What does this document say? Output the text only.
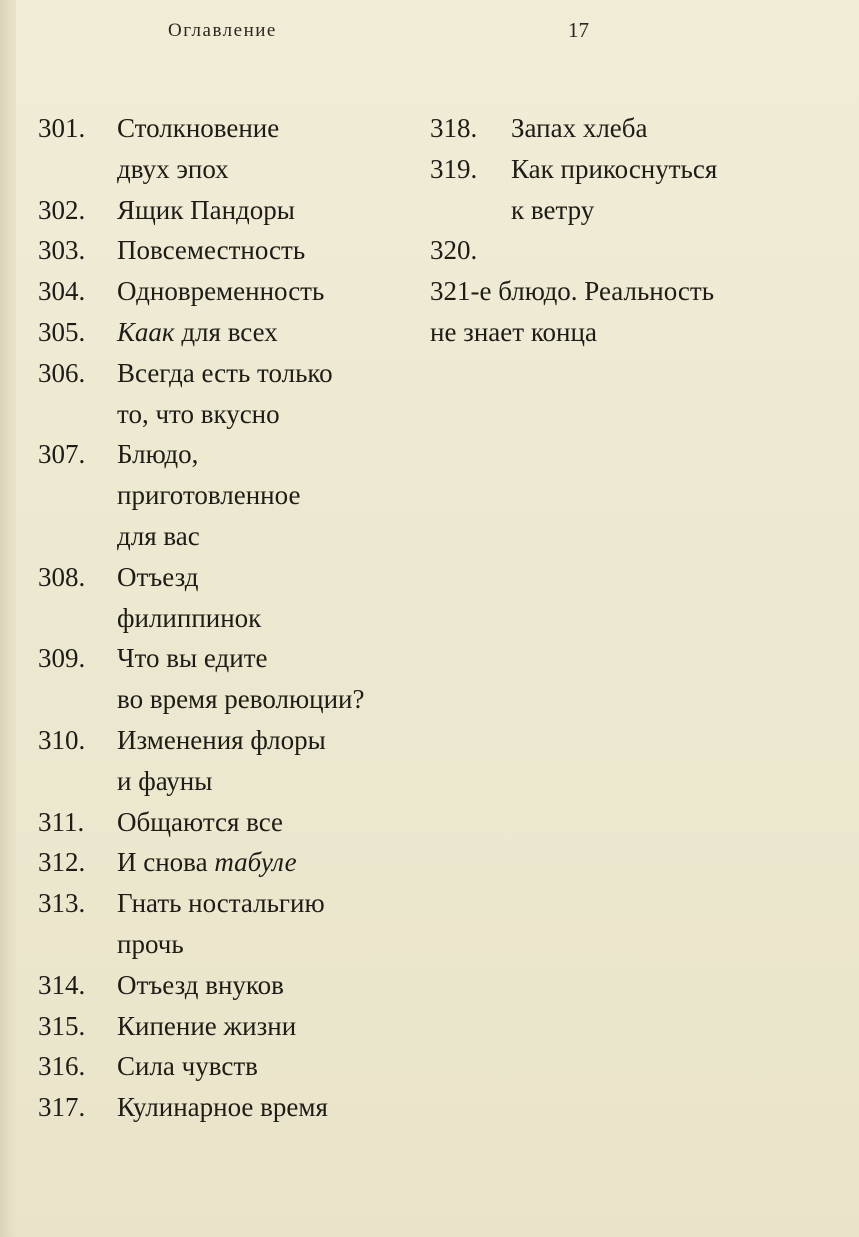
Оглавление	17
301.	Столкновение
двух эпох
302.	Ящик Пандоры
303.	Повсеместность
304.	Одновременность
305.	Каак для всех
306.	Всегда есть только
то, что вкусно
307.	Блюдо,
приготовленное
для вас
308.	Отъезд
филиппинок
309.	Что вы едите
во время революции?
310.	Изменения флоры
и фауны
311.	Общаются все
312.	И снова табуле
313.	Гнать ностальгию
прочь
314.	Отъезд внуков
315.	Кипение жизни
316.	Сила чувств
317.	Кулинарное время
318.	Запах хлеба
319.	Как прикоснуться
к ветру
320.

321-е блюдо. Реальность
не знает конца
